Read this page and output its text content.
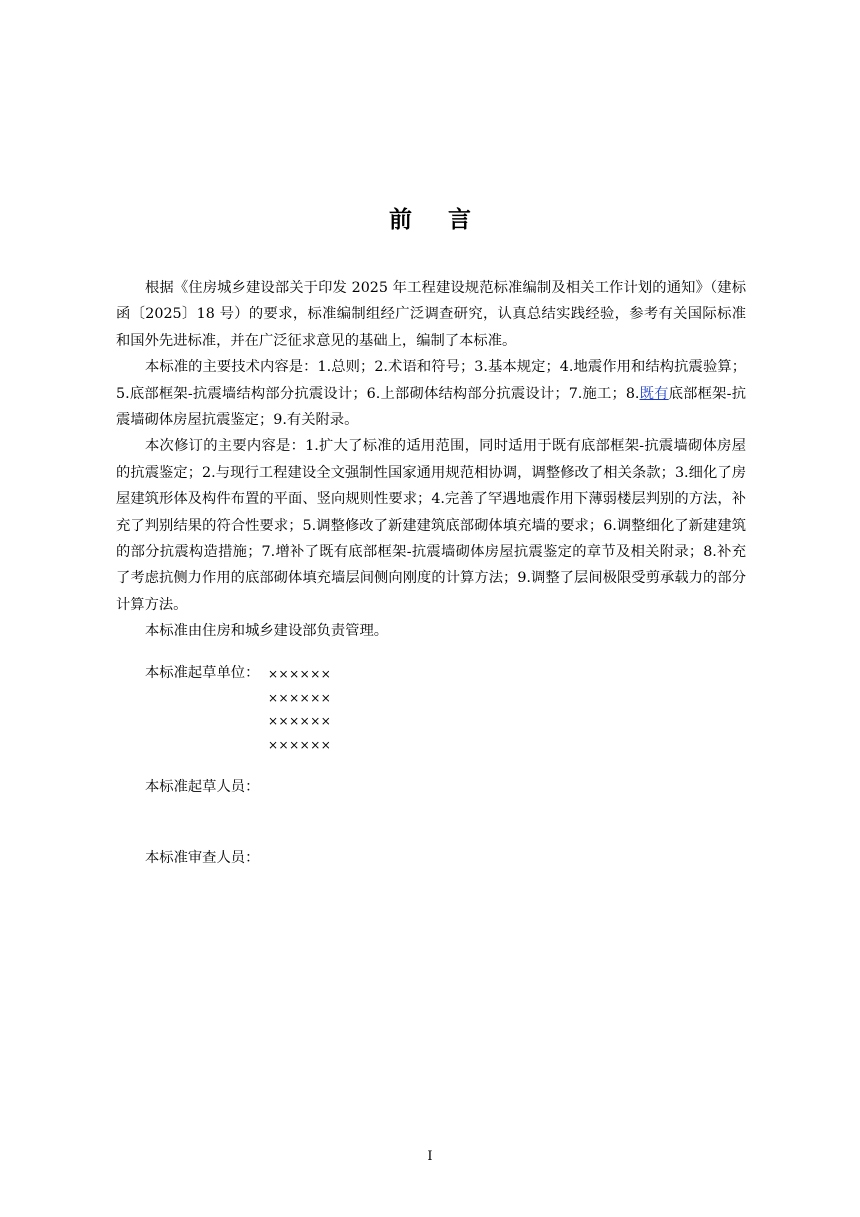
前 言

根据《住房城乡建设部关于印发 2025 年工程建设规范标准编制及相关工作计划的通知》（建标函〔2025〕18 号）的要求，标准编制组经广泛调查研究，认真总结实践经验，参考有关国际标准和国外先进标准，并在广泛征求意见的基础上，编制了本标准。

本标准的主要技术内容是：1.总则；2.术语和符号；3.基本规定；4.地震作用和结构抗震验算；5.底部框架-抗震墙结构部分抗震设计；6.上部砌体结构部分抗震设计；7.施工；8.既有底部框架-抗震墙砌体房屋抗震鉴定；9.有关附录。

本次修订的主要内容是：1.扩大了标准的适用范围，同时适用于既有底部框架-抗震墙砌体房屋的抗震鉴定；2.与现行工程建设全文强制性国家通用规范相协调，调整修改了相关条款；3.细化了房屋建筑形体及构件布置的平面、竖向规则性要求；4.完善了罕遇地震作用下薄弱楼层判别的方法，补充了判别结果的符合性要求；5.调整修改了新建建筑底部砌体填充墙的要求；6.调整细化了新建建筑的部分抗震构造措施；7.增补了既有底部框架-抗震墙砌体房屋抗震鉴定的章节及相关附录；8.补充了考虑抗侧力作用的底部砌体填充墙层间侧向刚度的计算方法；9.调整了层间极限受剪承载力的部分计算方法。

本标准由住房和城乡建设部负责管理。

本标准起草单位： ××××××
××××××
××××××
××××××
本标准起草人员：
本标准审查人员：
I
